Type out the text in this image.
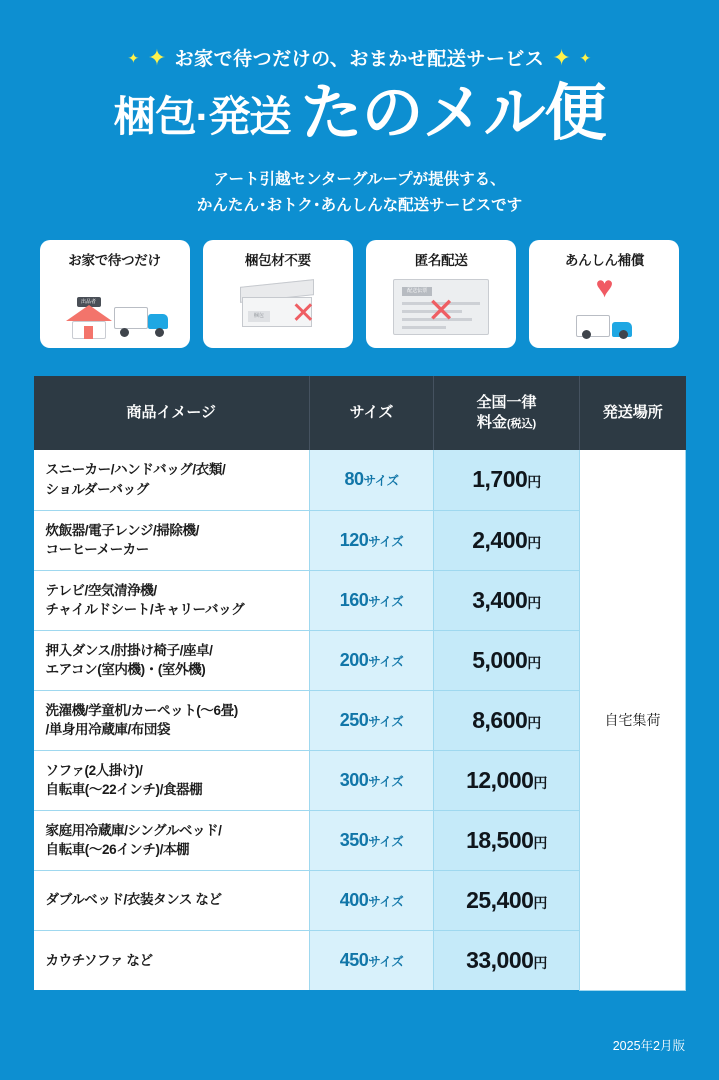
✦ ✦ お家で待つだけの、おまかせ配送サービス ✦ ✦
梱包·発送 たのメル便
アート引越センターグループが提供する、
かんたん･おトク･あんしんな配送サービスです
お家で待つだけ
出品者
梱包材不要
梱包 ✕
匿名配送
配送伝票
✕
あんしん補償
♥
商品イメージ	サイズ	全国一律
料金(税込)	発送場所

スニーカー/ハンドバッグ/衣類/
ショルダーバッグ	80サイズ	1,700円	自宅集荷

炊飯器/電子レンジ/掃除機/
コーヒーメーカー	120サイズ	2,400円	

テレビ/空気清浄機/
チャイルドシート/キャリーバッグ	160サイズ	3,400円	

押入ダンス/肘掛け椅子/座卓/
エアコン(室内機)・(室外機)	200サイズ	5,000円	

洗濯機/学童机/カーペット(〜6畳)
/単身用冷蔵庫/布団袋	250サイズ	8,600円	

ソファ(2人掛け)/
自転車(〜22インチ)/食器棚	300サイズ	12,000円	

家庭用冷蔵庫/シングルベッド/
自転車(〜26インチ)/本棚	350サイズ	18,500円	

ダブルベッド/衣装タンス など	400サイズ	25,400円	

カウチソファ など	450サイズ	33,000円	
2025年2月版
